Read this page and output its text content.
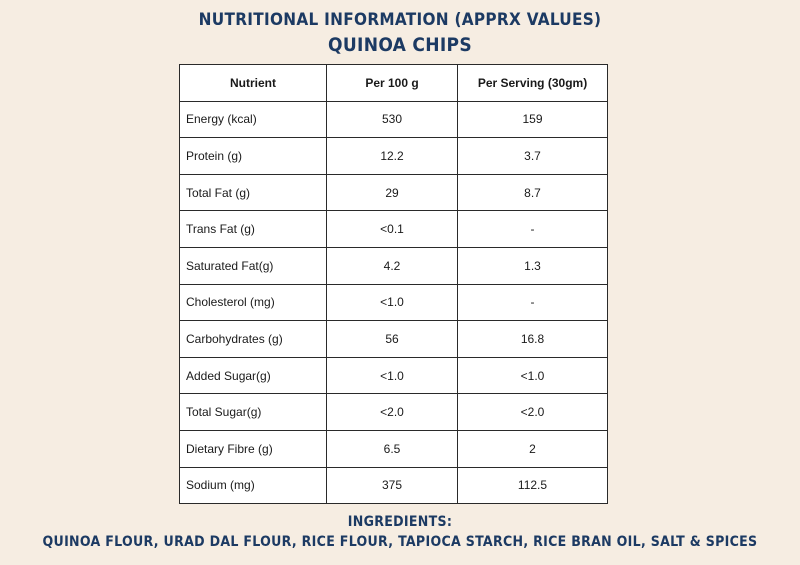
NUTRITIONAL INFORMATION (APPRX VALUES)
QUINOA CHIPS
Nutrient	Per 100 g	Per Serving (30gm)
Energy (kcal)	530	159
Protein (g)	12.2	3.7
Total Fat (g)	29	8.7
Trans Fat (g)	<0.1	-
Saturated Fat(g)	4.2	1.3
Cholesterol (mg)	<1.0	-
Carbohydrates (g)	56	16.8
Added Sugar(g)	<1.0	<1.0
Total Sugar(g)	<2.0	<2.0
Dietary Fibre (g)	6.5	2
Sodium (mg)	375	112.5
INGREDIENTS:
QUINOA FLOUR, URAD DAL FLOUR, RICE FLOUR, TAPIOCA STARCH, RICE BRAN OIL, SALT & SPICES
